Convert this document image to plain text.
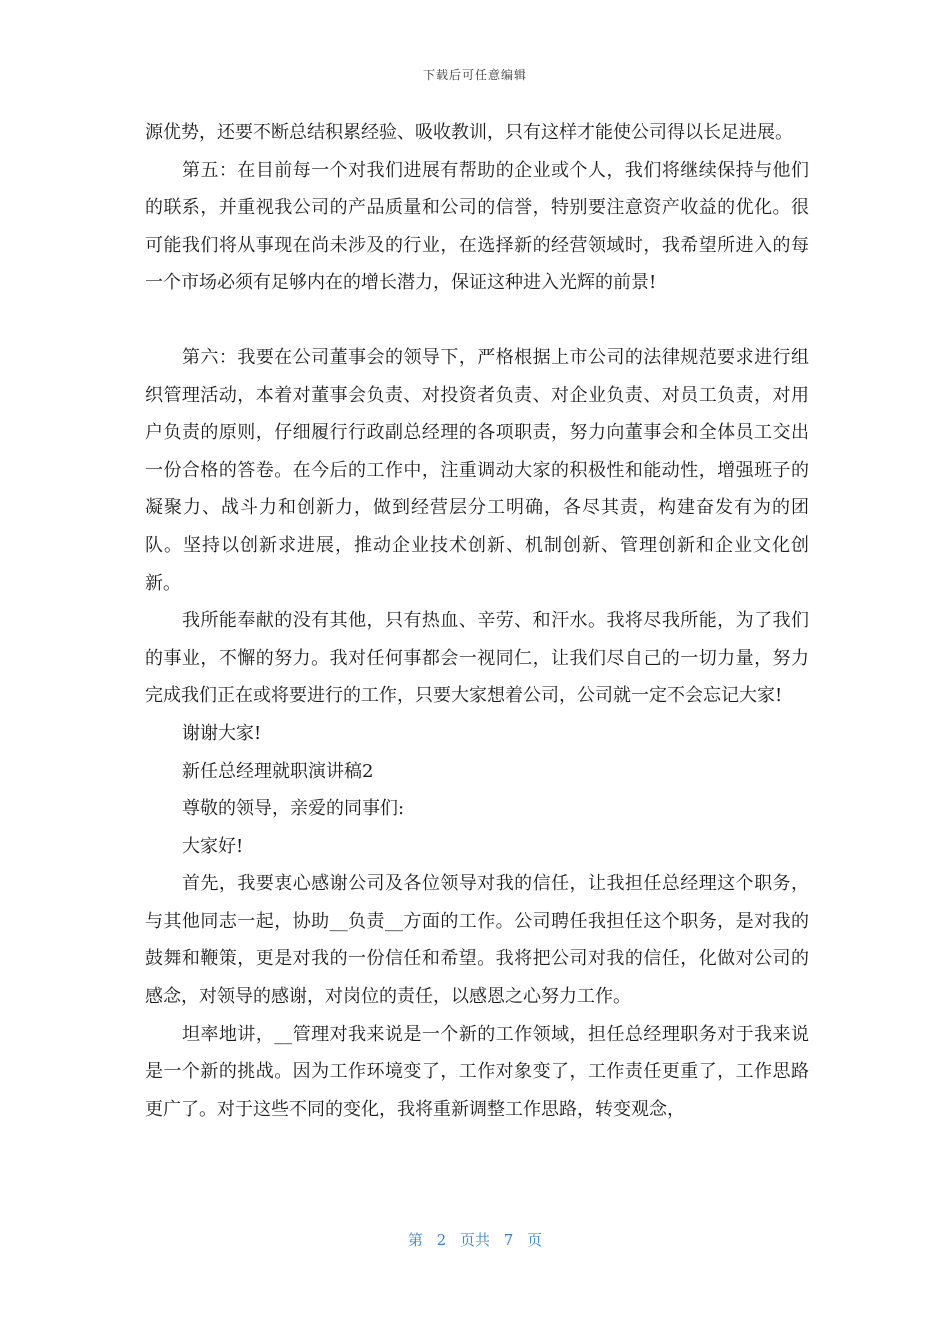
下载后可任意编辑

源优势，还要不断总结积累经验、吸收教训，只有这样才能使公司得以长足进展。

第五：在目前每一个对我们进展有帮助的企业或个人，我们将继续保持与他们的联系，并重视我公司的产品质量和公司的信誉，特别要注意资产收益的优化。很可能我们将从事现在尚未涉及的行业，在选择新的经营领域时，我希望所进入的每一个市场必须有足够内在的增长潜力，保证这种进入光辉的前景!

第六：我要在公司董事会的领导下，严格根据上市公司的法律规范要求进行组织管理活动，本着对董事会负责、对投资者负责、对企业负责、对员工负责，对用户负责的原则，仔细履行行政副总经理的各项职责，努力向董事会和全体员工交出一份合格的答卷。在今后的工作中，注重调动大家的积极性和能动性，增强班子的凝聚力、战斗力和创新力，做到经营层分工明确，各尽其责，构建奋发有为的团队。坚持以创新求进展，推动企业技术创新、机制创新、管理创新和企业文化创新。

我所能奉献的没有其他，只有热血、辛劳、和汗水。我将尽我所能，为了我们的事业，不懈的努力。我对任何事都会一视同仁，让我们尽自己的一切力量，努力完成我们正在或将要进行的工作，只要大家想着公司，公司就一定不会忘记大家!

谢谢大家!

新任总经理就职演讲稿2

尊敬的领导，亲爱的同事们:

大家好!

首先，我要衷心感谢公司及各位领导对我的信任，让我担任总经理这个职务，与其他同志一起，协助__负责__方面的工作。公司聘任我担任这个职务，是对我的鼓舞和鞭策，更是对我的一份信任和希望。我将把公司对我的信任，化做对公司的感念，对领导的感谢，对岗位的责任，以感恩之心努力工作。

坦率地讲，__管理对我来说是一个新的工作领域，担任总经理职务对于我来说是一个新的挑战。因为工作环境变了，工作对象变了，工作责任更重了，工作思路更广了。对于这些不同的变化，我将重新调整工作思路，转变观念，

第 2 页共 7 页
